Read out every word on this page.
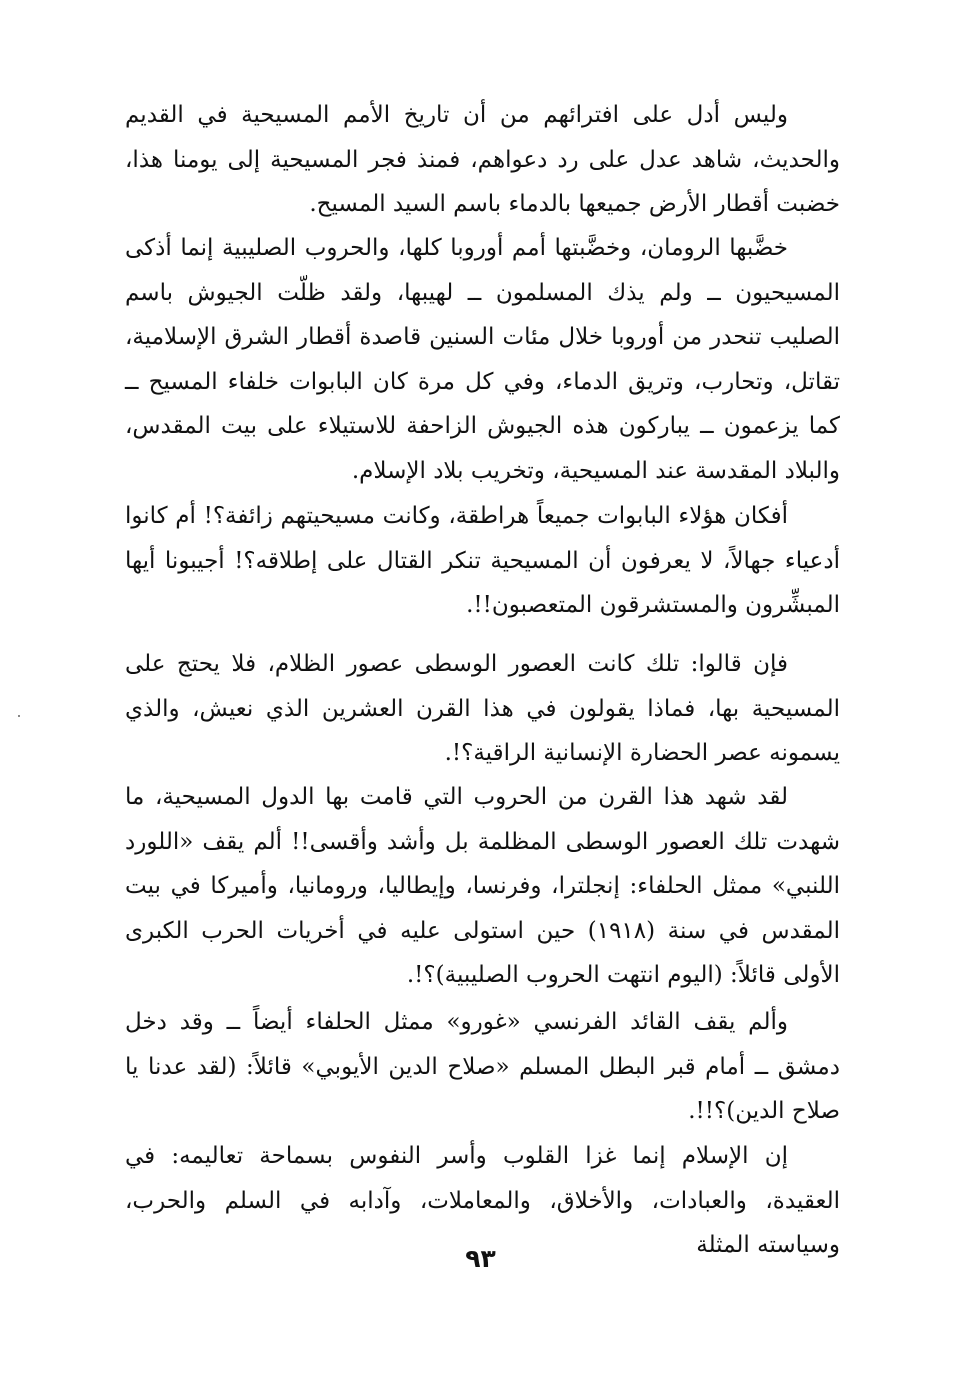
وليس أدل على افترائهم من أن تاريخ الأمم المسيحية في القديم والحديث، شاهد عدل على رد دعواهم، فمنذ فجر المسيحية إلى يومنا هذا، خضبت أقطار الأرض جميعها بالدماء باسم السيد المسيح.

خضَّبها الرومان، وخضَّبتها أمم أوروبا كلها، والحروب الصليبية إنما أذكى المسيحيون ــ ولم يذك المسلمون ــ لهيبها، ولقد ظلّت الجيوش باسم الصليب تنحدر من أوروبا خلال مئات السنين قاصدة أقطار الشرق الإسلامية، تقاتل، وتحارب، وتريق الدماء، وفي كل مرة كان البابوات خلفاء المسيح ــ كما يزعمون ــ يباركون هذه الجيوش الزاحفة للاستيلاء على بيت المقدس، والبلاد المقدسة عند المسيحية، وتخريب بلاد الإسلام.

أفكان هؤلاء البابوات جميعاً هراطقة، وكانت مسيحيتهم زائفة؟! أم كانوا أدعياء جهالاً، لا يعرفون أن المسيحية تنكر القتال على إطلاقه؟! أجيبونا أيها المبشِّرون والمستشرقون المتعصبون!!.

فإن قالوا: تلك كانت العصور الوسطى عصور الظلام، فلا يحتج على المسيحية بها، فماذا يقولون في هذا القرن العشرين الذي نعيش، والذي يسمونه عصر الحضارة الإنسانية الراقية؟!.

لقد شهد هذا القرن من الحروب التي قامت بها الدول المسيحية، ما شهدت تلك العصور الوسطى المظلمة بل وأشد وأقسى!! ألم يقف «اللورد اللنبي» ممثل الحلفاء: إنجلترا، وفرنسا، وإيطاليا، ورومانيا، وأميركا في بيت المقدس في سنة (١٩١٨) حين استولى عليه في أخريات الحرب الكبرى الأولى قائلاً: (اليوم انتهت الحروب الصليبية)؟!.

وألم يقف القائد الفرنسي «غورو» ممثل الحلفاء أيضاً ــ وقد دخل دمشق ــ أمام قبر البطل المسلم «صلاح الدين الأيوبي» قائلاً: (لقد عدنا يا صلاح الدين)؟!!.

إن الإسلام إنما غزا القلوب وأسر النفوس بسماحة تعاليمه: في العقيدة، والعبادات، والأخلاق، والمعاملات، وآدابه في السلم والحرب، وسياسته المثلة

٩٣
